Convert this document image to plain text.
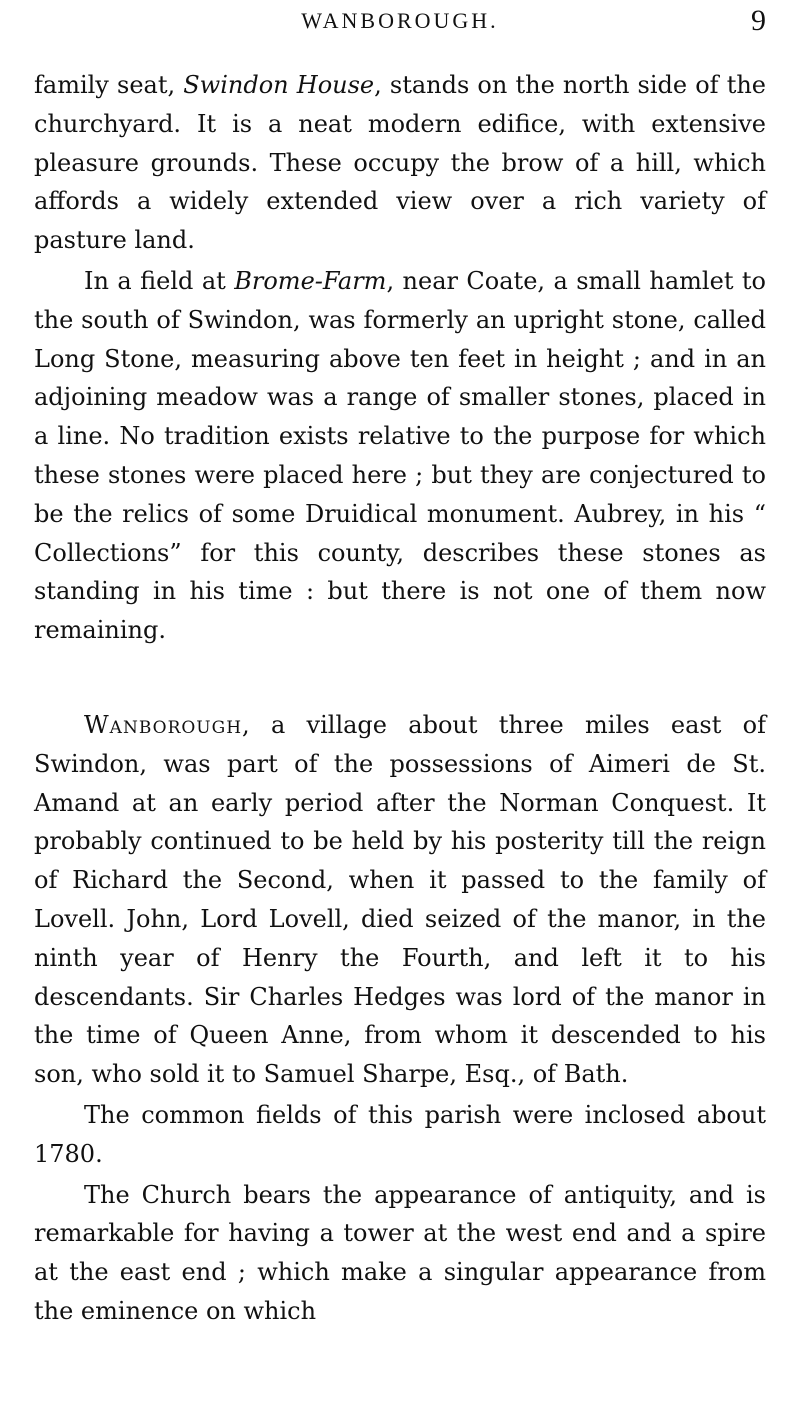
WANBOROUGH.	9

family seat, Swindon House, stands on the north side of the churchyard. It is a neat modern edifice, with extensive pleasure grounds. These occupy the brow of a hill, which affords a widely extended view over a rich variety of pasture land.

In a field at Brome-Farm, near Coate, a small hamlet to the south of Swindon, was formerly an upright stone, called Long Stone, measuring above ten feet in height ; and in an adjoining meadow was a range of smaller stones, placed in a line. No tradition exists relative to the purpose for which these stones were placed here ; but they are conjectured to be the relics of some Druidical monument. Aubrey, in his “ Collections” for this county, describes these stones as standing in his time : but there is not one of them now remaining.

Wanborough, a village about three miles east of Swindon, was part of the possessions of Aimeri de St. Amand at an early period after the Norman Conquest. It probably continued to be held by his posterity till the reign of Richard the Second, when it passed to the family of Lovell. John, Lord Lovell, died seized of the manor, in the ninth year of Henry the Fourth, and left it to his descendants. Sir Charles Hedges was lord of the manor in the time of Queen Anne, from whom it descended to his son, who sold it to Samuel Sharpe, Esq., of Bath.

The common fields of this parish were inclosed about 1780.

The Church bears the appearance of antiquity, and is remarkable for having a tower at the west end and a spire at the east end ; which make a singular appearance from the eminence on which
